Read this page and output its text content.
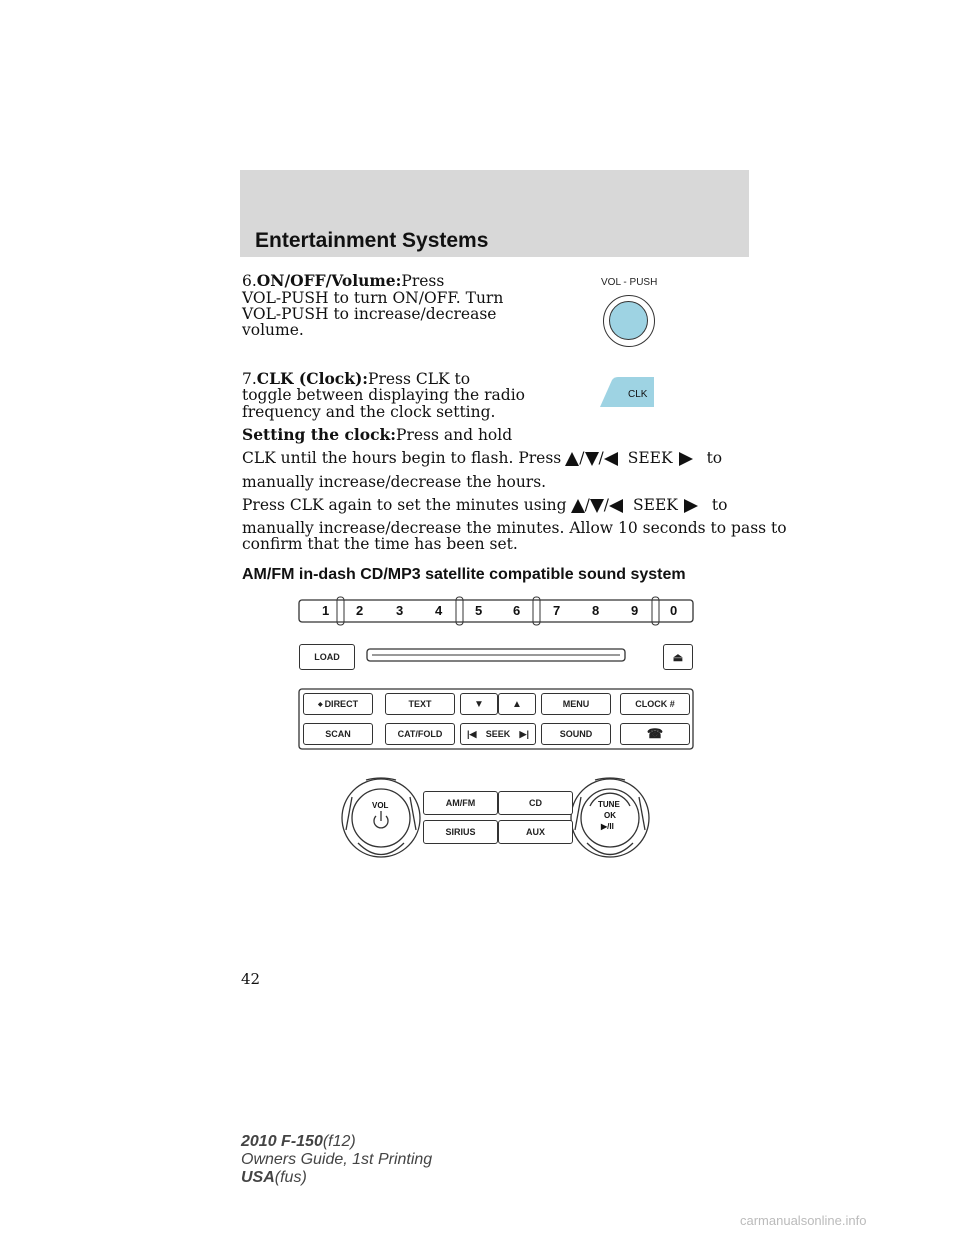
Entertainment Systems
6.ON/OFF/Volume:Press
VOL-PUSH to turn ON/OFF. Turn
VOL-PUSH to increase/decrease
volume.
VOL - PUSH
7.CLK (Clock):Press CLK to
toggle between displaying the radio
frequency and the clock setting.
CLK
Setting the clock:Press and hold
CLK until the hours begin to flash. Press / / SEEK to
manually increase/decrease the hours.
Press CLK again to set the minutes using / / SEEK to
manually increase/decrease the minutes. Allow 10 seconds to pass to
confirm that the time has been set.
AM/FM in-dash CD/MP3 satellite compatible sound system
1 2	3 4	5 6	7 8 9 0
LOAD	⏏
◆ DIRECT	TEXT	▼	▲	MENU	CLOCK #
SCAN	CAT/FOLD	|◀ SEEK ▶|	SOUND	☎
AM/FM	CD
SIRIUS	AUX
VOL	TUNE
OK
▶/II
42
2010 F-150(f12)
Owners Guide, 1st Printing
USA(fus)
carmanualsonline.info
